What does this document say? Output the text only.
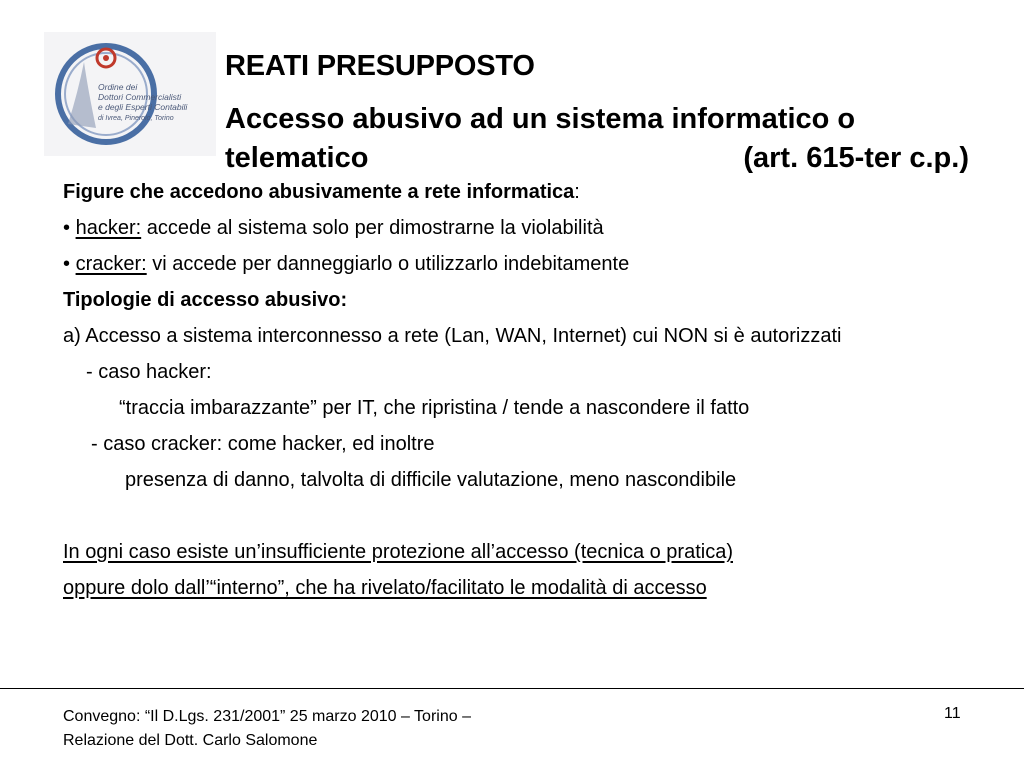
Ordine dei
Dottori Commercialisti
e degli Esperti Contabili
di Ivrea, Pinerolo, Torino
REATI PRESUPPOSTO
Accesso abusivo ad un sistema informatico o
telematico	(art. 615-ter c.p.)

Figure che accedono abusivamente a rete informatica:

• hacker: accede al sistema solo per dimostrarne la violabilità

• cracker: vi accede per danneggiarlo o utilizzarlo indebitamente

Tipologie di accesso abusivo:

a) Accesso a sistema interconnesso a rete (Lan, WAN, Internet) cui NON si è autorizzati

- caso hacker:

“traccia imbarazzante” per IT, che ripristina / tende a nascondere il fatto

- caso cracker: come hacker, ed inoltre

presenza di danno, talvolta di difficile valutazione, meno nascondibile

In ogni caso esiste un’insufficiente protezione all’accesso (tecnica o pratica)

oppure dolo dall’“interno”, che ha rivelato/facilitato le modalità di accesso

Convegno: “Il D.Lgs. 231/2001” 25 marzo 2010 – Torino –
Relazione del Dott. Carlo Salomone
11
